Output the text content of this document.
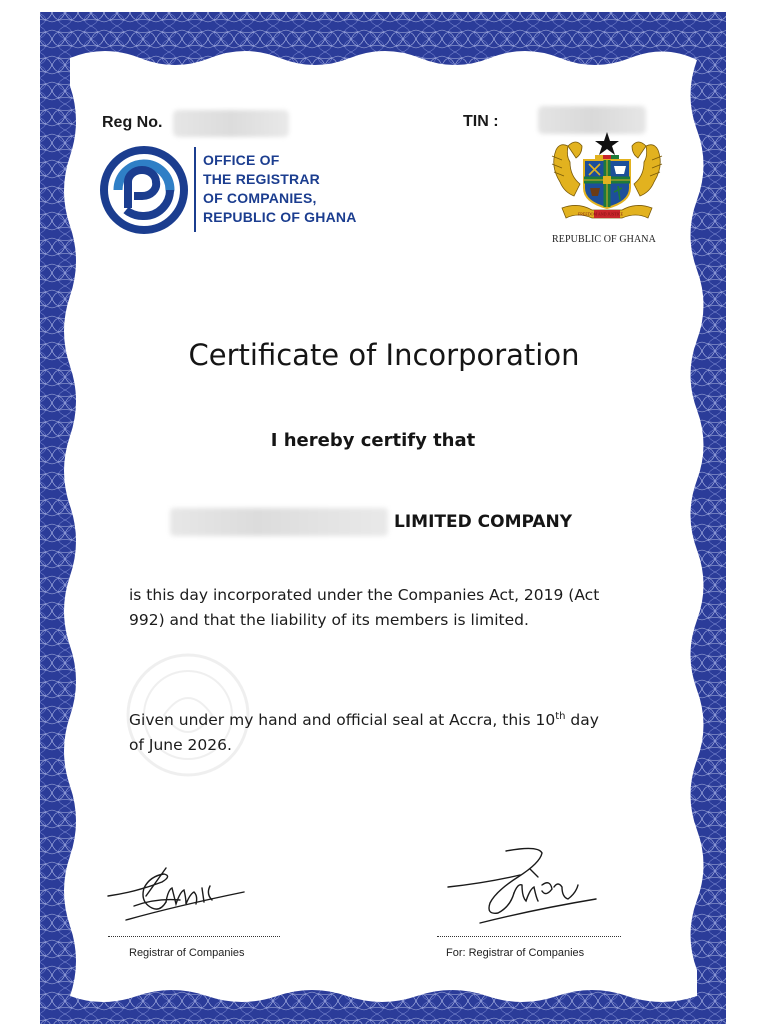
Reg No.	TIN :
OFFICE OF
THE REGISTRAR
OF COMPANIES,
REPUBLIC OF GHANA	FREEDOM AND JUSTICE
REPUBLIC OF GHANA
Certificate of Incorporation
I hereby certify that
LIMITED COMPANY
is this day incorporated under the Companies Act, 2019 (Act
992) and that the liability of its members is limited.
Given under my hand and official seal at Accra, this 10th day
of June 2026.
Registrar of Companies	For: Registrar of Companies
